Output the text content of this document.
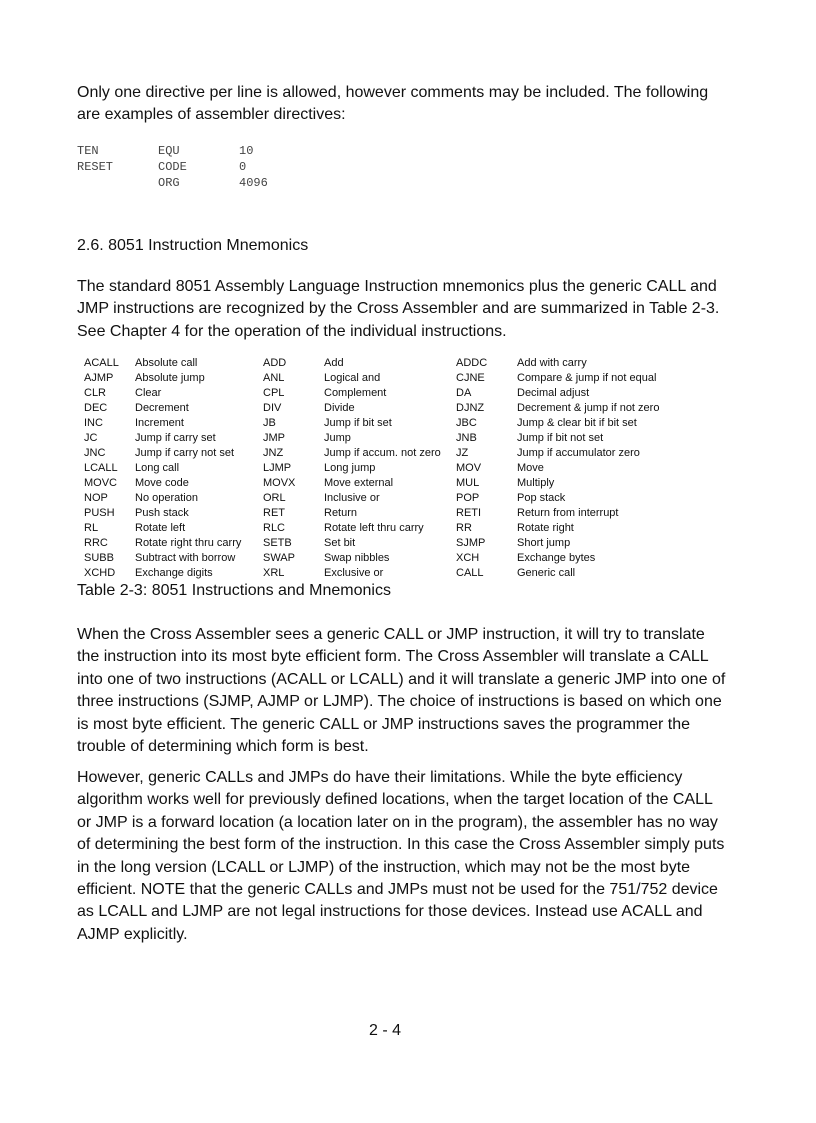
Only one directive per line is allowed, however comments may be included. The following are examples of assembler directives:

TEN	EQU	10
RESET	CODE	0
	ORG	4096
2.6. 8051 Instruction Mnemonics

The standard 8051 Assembly Language Instruction mnemonics plus the generic CALL and JMP instructions are recognized by the Cross Assembler and are summarized in Table 2-3. See Chapter 4 for the operation of the individual instructions.

ACALL	Absolute call	ADD	Add	ADDC	Add with carry
AJMP	Absolute jump	ANL	Logical and	CJNE	Compare & jump if not equal
CLR	Clear	CPL	Complement	DA	Decimal adjust
DEC	Decrement	DIV	Divide	DJNZ	Decrement & jump if not zero
INC	Increment	JB	Jump if bit set	JBC	Jump & clear bit if bit set
JC	Jump if carry set	JMP	Jump	JNB	Jump if bit not set
JNC	Jump if carry not set	JNZ	Jump if accum. not zero	JZ	Jump if accumulator zero
LCALL	Long call	LJMP	Long jump	MOV	Move
MOVC	Move code	MOVX	Move external	MUL	Multiply
NOP	No operation	ORL	Inclusive or	POP	Pop stack
PUSH	Push stack	RET	Return	RETI	Return from interrupt
RL	Rotate left	RLC	Rotate left thru carry	RR	Rotate right
RRC	Rotate right thru carry	SETB	Set bit	SJMP	Short jump
SUBB	Subtract with borrow	SWAP	Swap nibbles	XCH	Exchange bytes
XCHD	Exchange digits	XRL	Exclusive or	CALL	Generic call

Table 2-3: 8051 Instructions and Mnemonics

When the Cross Assembler sees a generic CALL or JMP instruction, it will try to translate the instruction into its most byte efficient form. The Cross Assembler will translate a CALL into one of two instructions (ACALL or LCALL) and it will translate a generic JMP into one of three instructions (SJMP, AJMP or LJMP). The choice of instructions is based on which one is most byte efficient. The generic CALL or JMP instructions saves the programmer the trouble of determining which form is best.

However, generic CALLs and JMPs do have their limitations. While the byte efficiency algorithm works well for previously defined locations, when the target location of the CALL or JMP is a forward location (a location later on in the program), the assembler has no way of determining the best form of the instruction. In this case the Cross Assembler simply puts in the long version (LCALL or LJMP) of the instruction, which may not be the most byte efficient. NOTE that the generic CALLs and JMPs must not be used for the 751/752 device as LCALL and LJMP are not legal instructions for those devices. Instead use ACALL and AJMP explicitly.

2 - 4
